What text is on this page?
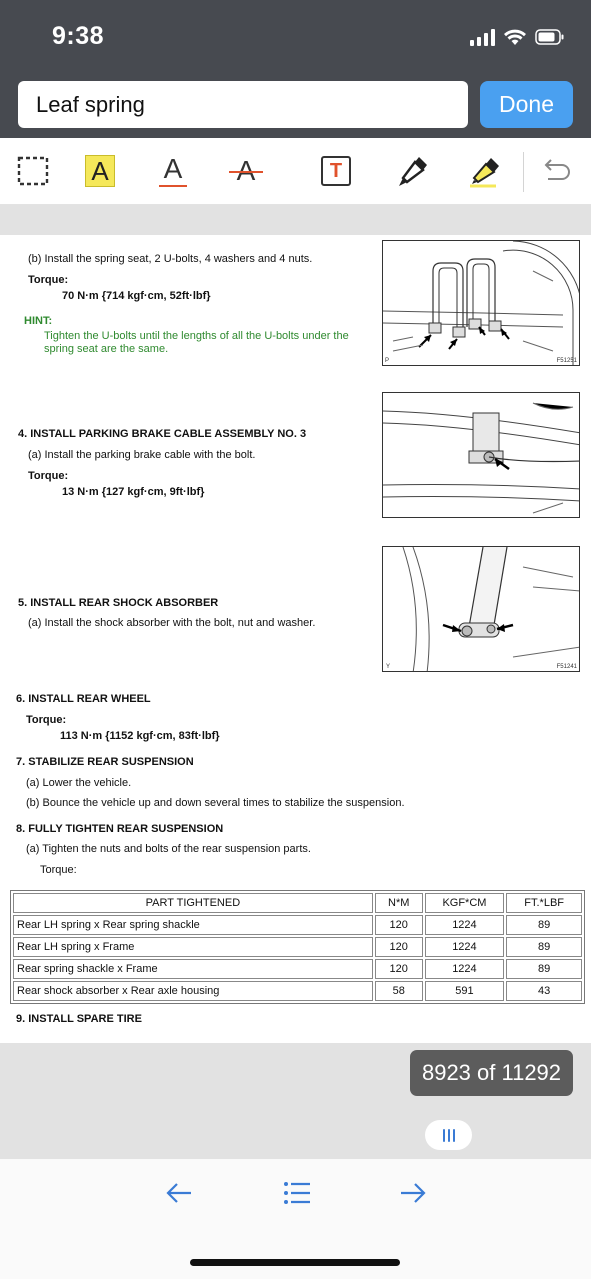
9:38
Leaf spring	Done
A A	T
(b) Install the spring seat, 2 U-bolts, 4 washers and 4 nuts.
Torque:
70 N·m {714 kgf·cm, 52ft·lbf}
HINT:
Tighten the U-bolts until the lengths of all the U-bolts under the
spring seat are the same.
P	F51251
4. INSTALL PARKING BRAKE CABLE ASSEMBLY NO. 3
(a) Install the parking brake cable with the bolt.
Torque:
13 N·m {127 kgf·cm, 9ft·lbf}
Y	F51241
5. INSTALL REAR SHOCK ABSORBER
(a) Install the shock absorber with the bolt, nut and washer.
6. INSTALL REAR WHEEL
Torque:
113 N·m {1152 kgf·cm, 83ft·lbf}
7. STABILIZE REAR SUSPENSION
(a) Lower the vehicle.
(b) Bounce the vehicle up and down several times to stabilize the suspension.
8. FULLY TIGHTEN REAR SUSPENSION
(a) Tighten the nuts and bolts of the rear suspension parts.
Torque:
PART TIGHTENED	N*M	KGF*CM	FT.*LBF
Rear LH spring x Rear spring shackle	120	1224	89
Rear LH spring x Frame	120	1224	89
Rear spring shackle x Frame	120	1224	89
Rear shock absorber x Rear axle housing	58	591	43
9. INSTALL SPARE TIRE
8923 of 11292
